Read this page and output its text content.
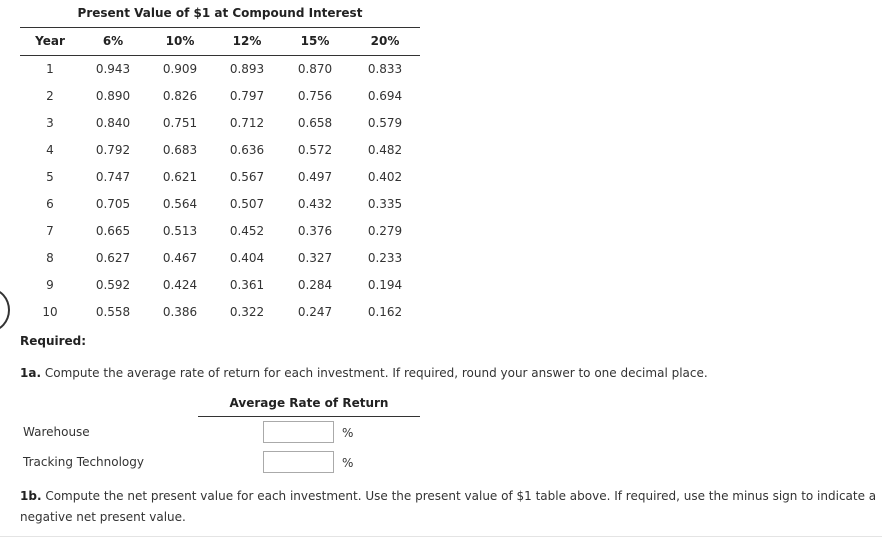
Present Value of $1 at Compound Interest
Year	6%	10%	12%	15%	20%
1	0.943	0.909	0.893	0.870	0.833
2	0.890	0.826	0.797	0.756	0.694
3	0.840	0.751	0.712	0.658	0.579
4	0.792	0.683	0.636	0.572	0.482
5	0.747	0.621	0.567	0.497	0.402
6	0.705	0.564	0.507	0.432	0.335
7	0.665	0.513	0.452	0.376	0.279
8	0.627	0.467	0.404	0.327	0.233
9	0.592	0.424	0.361	0.284	0.194
10	0.558	0.386	0.322	0.247	0.162
Required:
1a. Compute the average rate of return for each investment. If required, round your answer to one decimal place.
Average Rate of Return
Warehouse	%
Tracking Technology	%
1b. Compute the net present value for each investment. Use the present value of $1 table above. If required, use the minus sign to indicate a negative net present value.
